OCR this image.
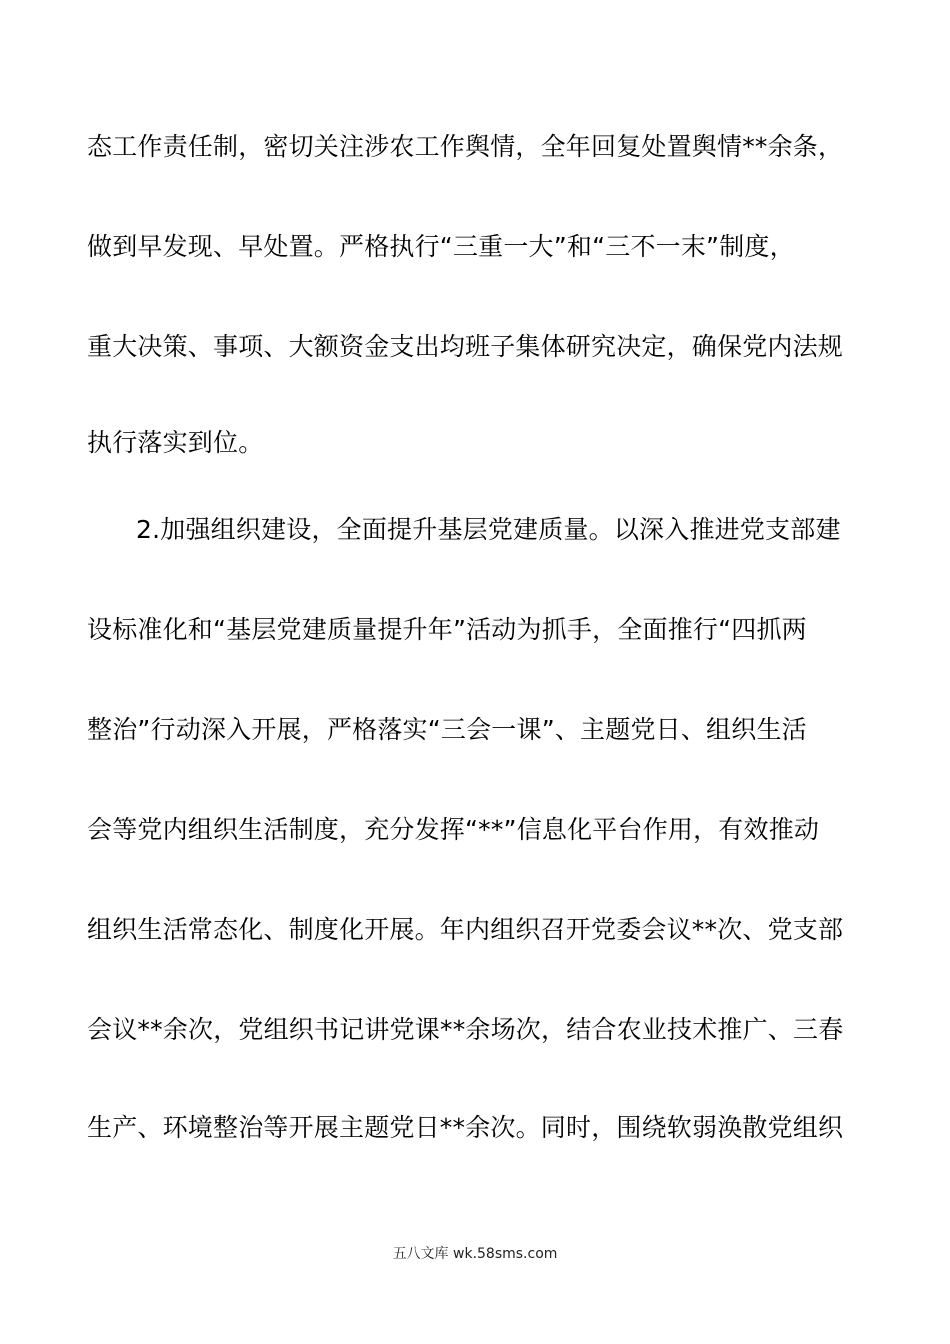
态工作责任制，密切关注涉农工作舆情，全年回复处置舆情**余条，
做到早发现、早处置。严格执行“三重一大”和“三不一末”制度，
重大决策、事项、大额资金支出均班子集体研究决定，确保党内法规
执行落实到位。
2.加强组织建设，全面提升基层党建质量。以深入推进党支部建
设标准化和“基层党建质量提升年”活动为抓手，全面推行“四抓两
整治”行动深入开展，严格落实“三会一课”、主题党日、组织生活
会等党内组织生活制度，充分发挥“**”信息化平台作用，有效推动
组织生活常态化、制度化开展。年内组织召开党委会议**次、党支部
会议**余次，党组织书记讲党课**余场次，结合农业技术推广、三春
生产、环境整治等开展主题党日**余次。同时，围绕软弱涣散党组织
五八文库 wk.58sms.com
